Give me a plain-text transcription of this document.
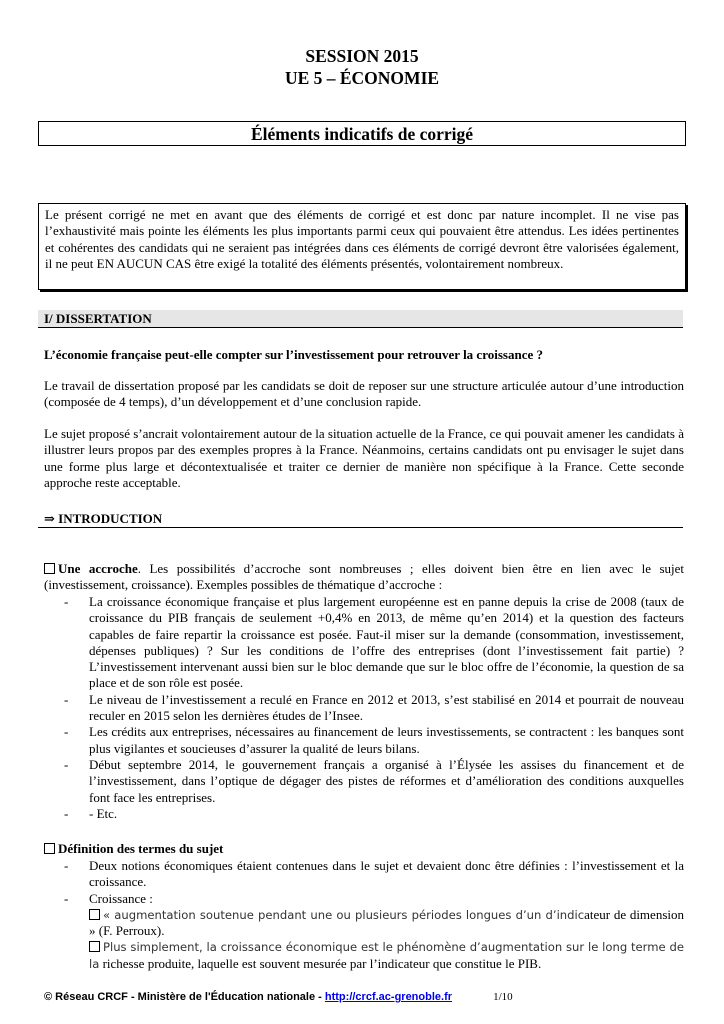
SESSION 2015
UE 5 – ÉCONOMIE
Éléments indicatifs de corrigé
Le présent corrigé ne met en avant que des éléments de corrigé et est donc par nature incomplet. Il ne vise pas l’exhaustivité mais pointe les éléments les plus importants parmi ceux qui pouvaient être attendus. Les idées pertinentes et cohérentes des candidats qui ne seraient pas intégrées dans ces éléments de corrigé devront être valorisées également, il ne peut EN AUCUN CAS être exigé la totalité des éléments présentés, volontairement nombreux.
I/ DISSERTATION
L’économie française peut-elle compter sur l’investissement pour retrouver la croissance ?
Le travail de dissertation proposé par les candidats se doit de reposer sur une structure articulée autour d’une introduction (composée de 4 temps), d’un développement et d’une conclusion rapide.
Le sujet proposé s’ancrait volontairement autour de la situation actuelle de la France, ce qui pouvait amener les candidats à illustrer leurs propos par des exemples propres à la France. Néanmoins, certains candidats ont pu envisager le sujet dans une forme plus large et décontextualisée et traiter ce dernier de manière non spécifique à la France. Cette seconde approche reste acceptable.
⇒ INTRODUCTION
Une accroche. Les possibilités d’accroche sont nombreuses ; elles doivent bien être en lien avec le sujet (investissement, croissance). Exemples possibles de thématique d’accroche :
- La croissance économique française et plus largement européenne est en panne depuis la crise de 2008 (taux de croissance du PIB français de seulement +0,4% en 2013, de même qu’en 2014) et la question des facteurs capables de faire repartir la croissance est posée. Faut-il miser sur la demande (consommation, investissement, dépenses publiques) ? Sur les conditions de l’offre des entreprises (dont l’investissement fait partie) ? L’investissement intervenant aussi bien sur le bloc demande que sur le bloc offre de l’économie, la question de sa place et de son rôle est posée.
- Le niveau de l’investissement a reculé en France en 2012 et 2013, s’est stabilisé en 2014 et pourrait de nouveau reculer en 2015 selon les dernières études de l’Insee.
- Les crédits aux entreprises, nécessaires au financement de leurs investissements, se contractent : les banques sont plus vigilantes et soucieuses d’assurer la qualité de leurs bilans.
- Début septembre 2014, le gouvernement français a organisé à l’Élysée les assises du financement et de l’investissement, dans l’optique de dégager des pistes de réformes et d’amélioration des conditions auxquelles font face les entreprises.
- - Etc.
Définition des termes du sujet
- Deux notions économiques étaient contenues dans le sujet et devaient donc être définies : l’investissement et la croissance.
- Croissance :
« augmentation soutenue pendant une ou plusieurs périodes longues d’un d’indicateur de dimension » (F. Perroux).
Plus simplement, la croissance économique est le phénomène d’augmentation sur le long terme de la richesse produite, laquelle est souvent mesurée par l’indicateur que constitue le PIB.
© Réseau CRCF - Ministère de l'Éducation nationale - http://crcf.ac-grenoble.fr	1/10
